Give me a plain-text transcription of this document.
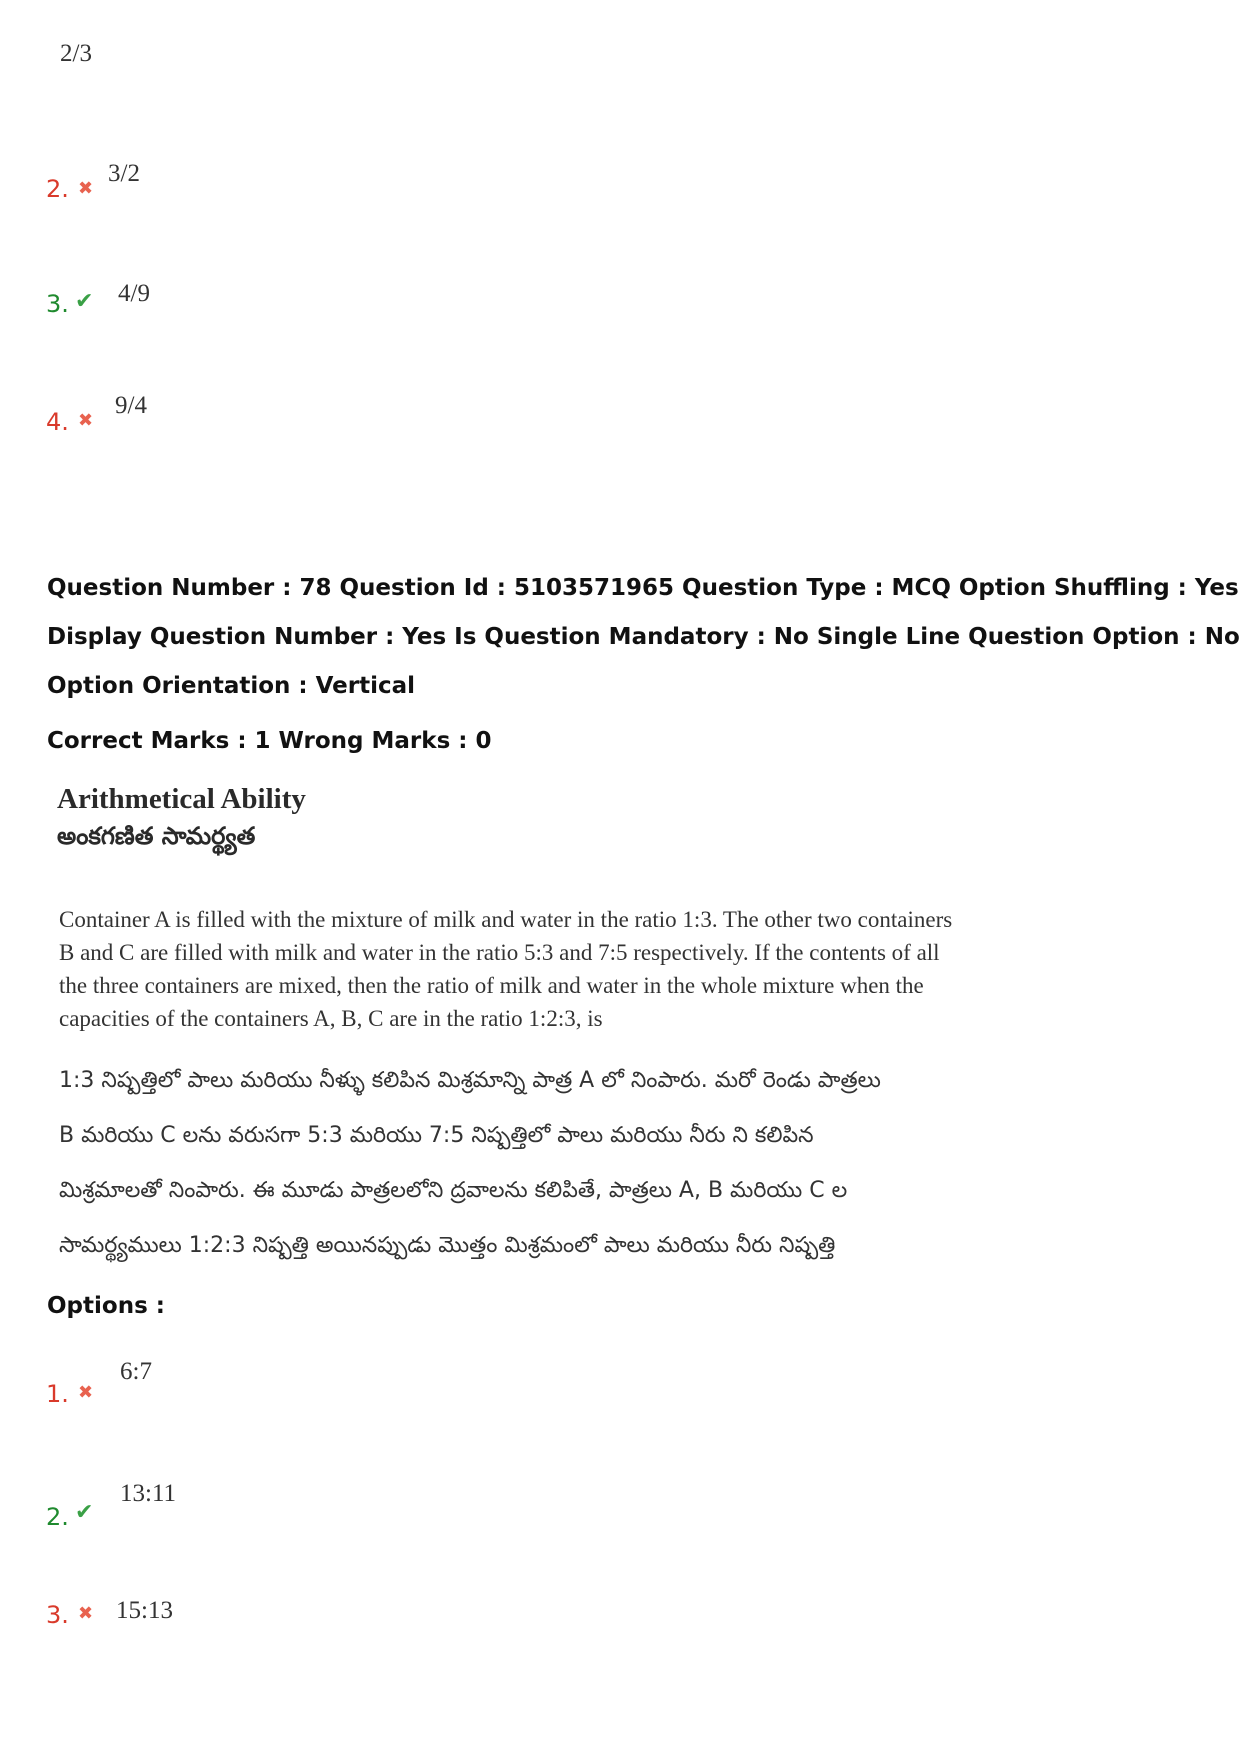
2/3
2. ✖
3/2
3. ✔ 4/9
4. ✖
9/4
Question Number : 78 Question Id : 5103571965 Question Type : MCQ Option Shuffling : Yes
Display Question Number : Yes Is Question Mandatory : No Single Line Question Option : No
Option Orientation : Vertical
Correct Marks : 1 Wrong Marks : 0
Arithmetical Ability
అంకగణిత సామర్థ్యత
Container A is filled with the mixture of milk and water in the ratio 1:3. The other two containers B and C are filled with milk and water in the ratio 5:3 and 7:5 respectively. If the contents of all the three containers are mixed, then the ratio of milk and water in the whole mixture when the capacities of the containers A, B, C are in the ratio 1:2:3, is
1:3 నిష్పత్తిలో పాలు మరియు నీళ్ళు కలిపిన మిశ్రమాన్ని పాత్ర A లో నింపారు. మరో రెండు పాత్రలు
B మరియు C లను వరుసగా 5:3 మరియు 7:5 నిష్పత్తిలో పాలు మరియు నీరు ని కలిపిన
మిశ్రమాలతో నింపారు. ఈ మూడు పాత్రలలోని ద్రవాలను కలిపితే, పాత్రలు A, B మరియు C ల
సామర్థ్యములు 1:2:3 నిష్పత్తి అయినప్పుడు మొత్తం మిశ్రమంలో పాలు మరియు నీరు నిష్పత్తి
Options :
1. ✖
6:7
2. ✔
13:11
3. ✖ 15:13
